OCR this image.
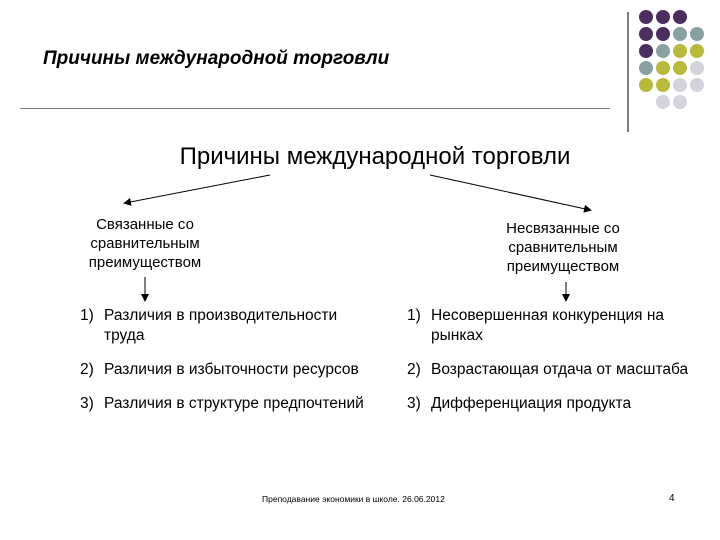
Причины международной торговли
Причины международной торговли
Связанные со сравнительным преимуществом
Несвязанные со сравнительным преимуществом
1) Различия в производительности труда
2) Различия в избыточности ресурсов
3) Различия в структуре предпочтений
1) Несовершенная конкуренция на рынках
2) Возрастающая отдача от масштаба
3) Дифференциация продукта
Преподавание экономики в школе. 26.06.2012	4
